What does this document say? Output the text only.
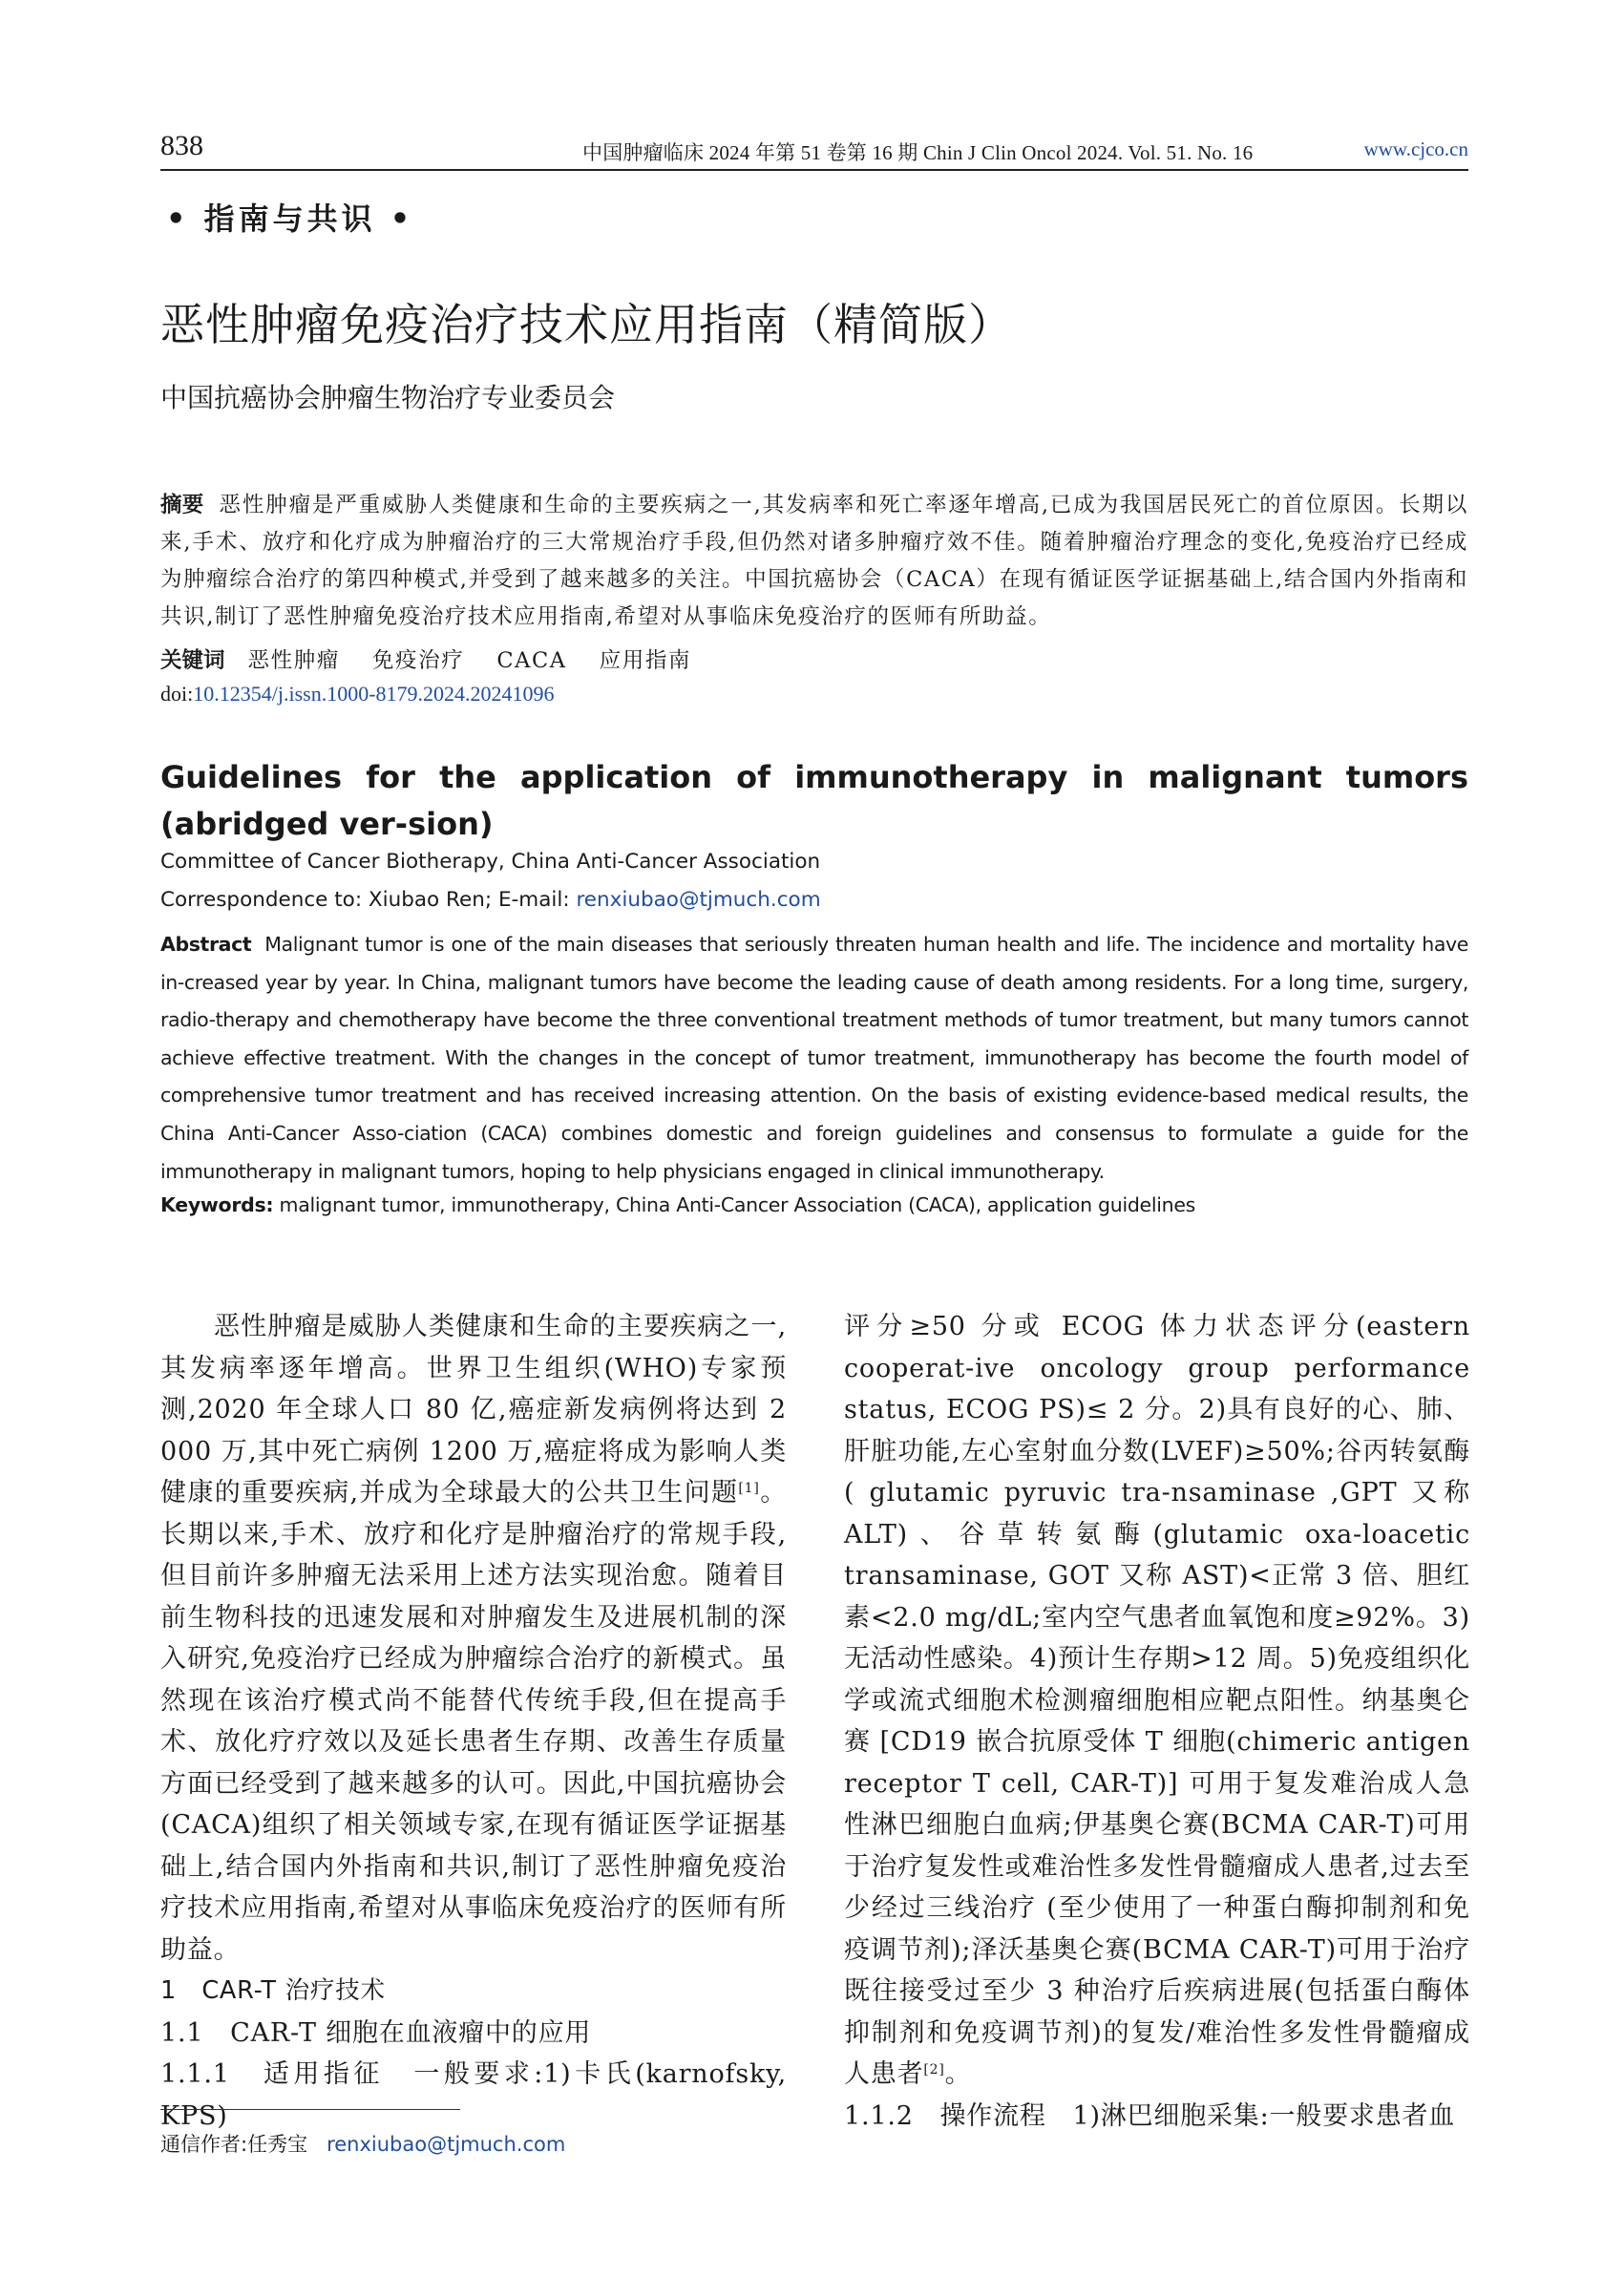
838	中国肿瘤临床 2024 年第 51 卷第 16 期 Chin J Clin Oncol 2024. Vol. 51. No. 16	www.cjco.cn
• 指南与共识 •
恶性肿瘤免疫治疗技术应用指南（精简版）
中国抗癌协会肿瘤生物治疗专业委员会
摘要 恶性肿瘤是严重威胁人类健康和生命的主要疾病之一,其发病率和死亡率逐年增高,已成为我国居民死亡的首位原因。长期以来,手术、放疗和化疗成为肿瘤治疗的三大常规治疗手段,但仍然对诸多肿瘤疗效不佳。随着肿瘤治疗理念的变化,免疫治疗已经成为肿瘤综合治疗的第四种模式,并受到了越来越多的关注。中国抗癌协会（CACA）在现有循证医学证据基础上,结合国内外指南和共识,制订了恶性肿瘤免疫治疗技术应用指南,希望对从事临床免疫治疗的医师有所助益。
关键词 恶性肿瘤 免疫治疗 CACA 应用指南
doi:10.12354/j.issn.1000-8179.2024.20241096
Guidelines for the application of immunotherapy in malignant tumors (abridged ver-sion)
Committee of Cancer Biotherapy, China Anti-Cancer Association
Correspondence to: Xiubao Ren; E-mail: renxiubao@tjmuch.com
Abstract Malignant tumor is one of the main diseases that seriously threaten human health and life. The incidence and mortality have in-creased year by year. In China, malignant tumors have become the leading cause of death among residents. For a long time, surgery, radio-therapy and chemotherapy have become the three conventional treatment methods of tumor treatment, but many tumors cannot achieve effective treatment. With the changes in the concept of tumor treatment, immunotherapy has become the fourth model of comprehensive tumor treatment and has received increasing attention. On the basis of existing evidence-based medical results, the China Anti-Cancer Asso-ciation (CACA) combines domestic and foreign guidelines and consensus to formulate a guide for the immunotherapy in malignant tumors, hoping to help physicians engaged in clinical immunotherapy.
Keywords: malignant tumor, immunotherapy, China Anti-Cancer Association (CACA), application guidelines

恶性肿瘤是威胁人类健康和生命的主要疾病之一,其发病率逐年增高。世界卫生组织(WHO)专家预测,2020 年全球人口 80 亿,癌症新发病例将达到 2 000 万,其中死亡病例 1200 万,癌症将成为影响人类健康的重要疾病,并成为全球最大的公共卫生问题[1]。长期以来,手术、放疗和化疗是肿瘤治疗的常规手段,但目前许多肿瘤无法采用上述方法实现治愈。随着目前生物科技的迅速发展和对肿瘤发生及进展机制的深入研究,免疫治疗已经成为肿瘤综合治疗的新模式。虽然现在该治疗模式尚不能替代传统手段,但在提高手术、放化疗疗效以及延长患者生存期、改善生存质量方面已经受到了越来越多的认可。因此,中国抗癌协会(CACA)组织了相关领域专家,在现有循证医学证据基础上,结合国内外指南和共识,制订了恶性肿瘤免疫治疗技术应用指南,希望对从事临床免疫治疗的医师有所助益。

1　CAR-T 治疗技术

1.1　CAR-T 细胞在血液瘤中的应用

1.1.1　适用指征　一般要求:1)卡氏(karnofsky, KPS)

评分≥50 分或 ECOG 体力状态评分(eastern cooperat-ive oncology group performance status, ECOG PS)≤ 2 分。2)具有良好的心、肺、肝脏功能,左心室射血分数(LVEF)≥50%;谷丙转氨酶 ( glutamic pyruvic tra-nsaminase ,GPT 又称 ALT)、谷草转氨酶(glutamic oxa-loacetic transaminase, GOT 又称 AST)<正常 3 倍、胆红素<2.0 mg/dL;室内空气患者血氧饱和度≥92%。3)无活动性感染。4)预计生存期>12 周。5)免疫组织化学或流式细胞术检测瘤细胞相应靶点阳性。纳基奥仑赛 [CD19 嵌合抗原受体 T 细胞(chimeric antigen receptor T cell, CAR-T)] 可用于复发难治成人急性淋巴细胞白血病;伊基奥仑赛(BCMA CAR-T)可用于治疗复发性或难治性多发性骨髓瘤成人患者,过去至少经过三线治疗 (至少使用了一种蛋白酶抑制剂和免疫调节剂);泽沃基奥仑赛(BCMA CAR-T)可用于治疗既往接受过至少 3 种治疗后疾病进展(包括蛋白酶体抑制剂和免疫调节剂)的复发/难治性多发性骨髓瘤成人患者[2]。

1.1.2　操作流程　1)淋巴细胞采集:一般要求患者血

通信作者:任秀宝 renxiubao@tjmuch.com
